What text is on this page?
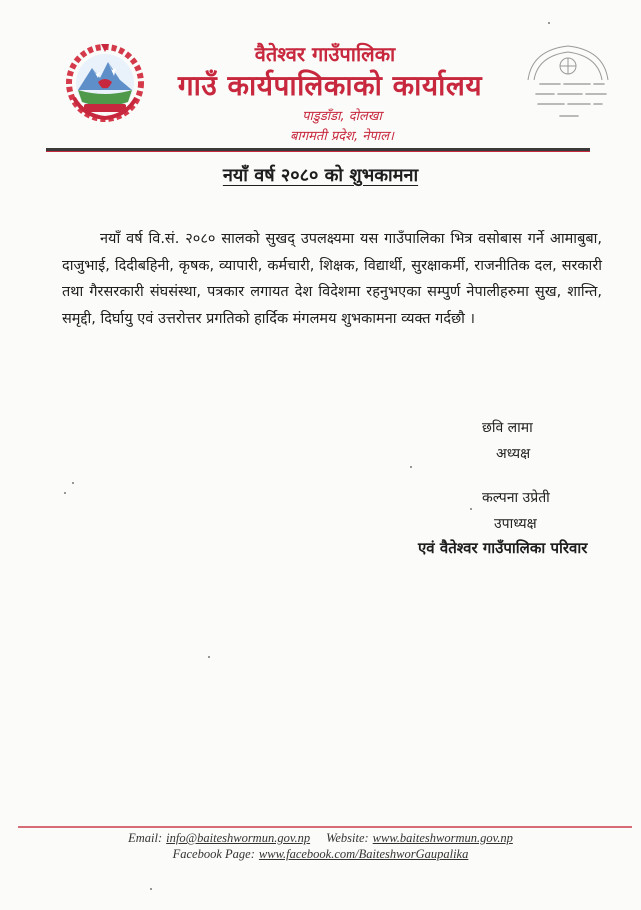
वैतेश्वर गाउँपालिका
गाउँ कार्यपालिकाको कार्यालय
पाडुडाँडा, दोलखा
बागमती प्रदेश, नेपाल।
नयाँ वर्ष २०८० को शुभकामना
नयाँ वर्ष वि.सं. २०८० सालको सुखद् उपलक्ष्यमा यस गाउँपालिका भित्र वसोबास गर्ने आमाबुबा, दाजुभाई, दिदीबहिनी, कृषक, व्यापारी, कर्मचारी, शिक्षक, विद्यार्थी, सुरक्षाकर्मी, राजनीतिक दल, सरकारी तथा गैरसरकारी संघसंस्था, पत्रकार लगायत देश विदेशमा रहनुभएका सम्पुर्ण नेपालीहरुमा सुख, शान्ति, समृद्दी, दिर्घायु एवं उत्तरोत्तर प्रगतिको हार्दिक मंगलमय शुभकामना व्यक्त गर्दछौ ।
छवि लामा
अध्यक्ष
कल्पना उप्रेती
उपाध्यक्ष
एवं वैतेश्वर गाउँपालिका परिवार
Email: info@baiteshwormun.gov.np Website: www.baiteshwormun.gov.np
Facebook Page: www.facebook.com/BaiteshworGaupalika
